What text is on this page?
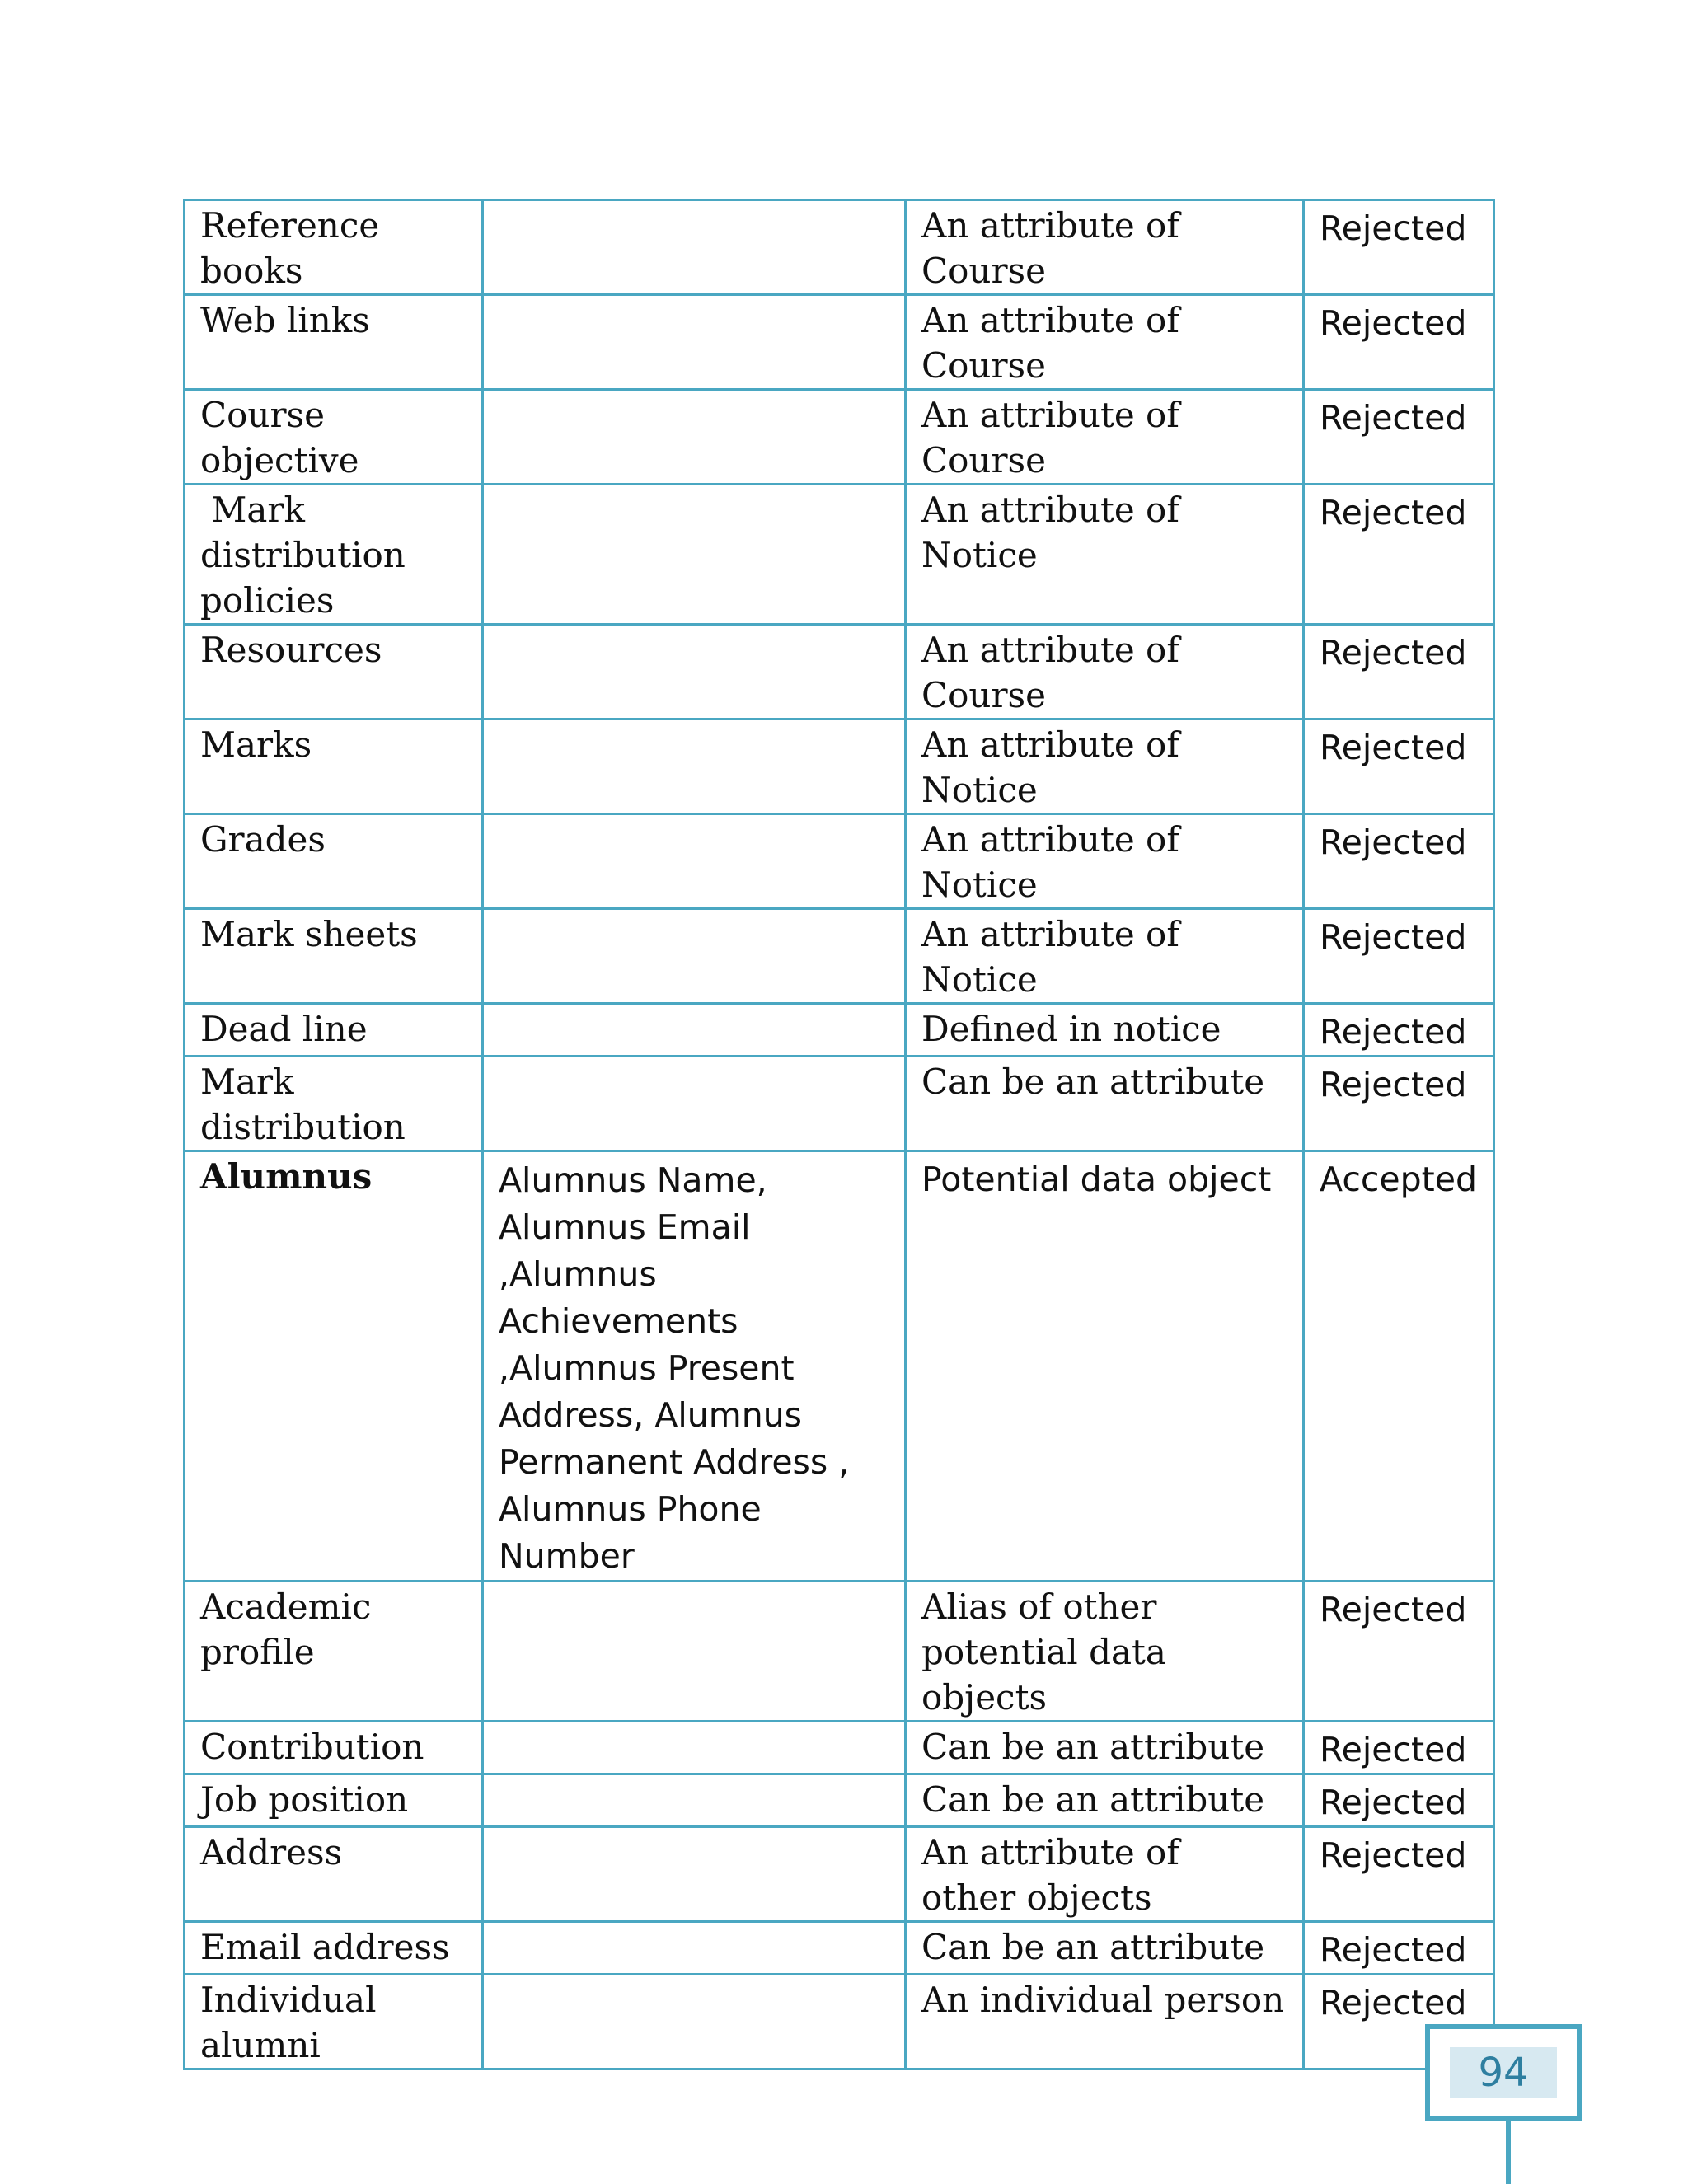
Reference books		An attribute of Course	Rejected
Web links		An attribute of Course	Rejected
Course objective		An attribute of Course	Rejected
Mark distribution policies		An attribute of Notice	Rejected
Resources		An attribute of Course	Rejected
Marks		An attribute of Notice	Rejected
Grades		An attribute of Notice	Rejected
Mark sheets		An attribute of Notice	Rejected
Dead line		Defined in notice	Rejected
Mark distribution		Can be an attribute	Rejected
Alumnus	Alumnus Name, Alumnus Email ,Alumnus Achievements ,Alumnus Present Address, Alumnus Permanent Address , Alumnus Phone Number	Potential data object	Accepted
Academic profile		Alias of other potential data objects	Rejected
Contribution		Can be an attribute	Rejected
Job position		Can be an attribute	Rejected
Address		An attribute of other objects	Rejected
Email address		Can be an attribute	Rejected
Individual alumni		An individual person	Rejected
94
